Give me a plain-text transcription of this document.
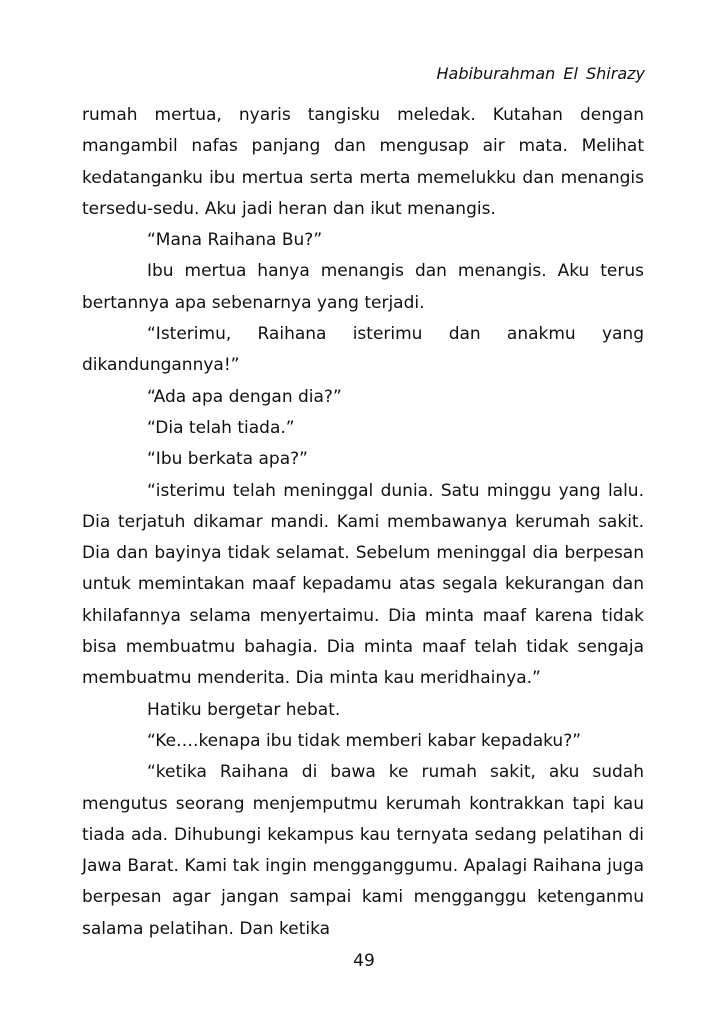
Habiburahman El Shirazy

rumah mertua, nyaris tangisku meledak. Kutahan dengan mangambil nafas panjang dan mengusap air mata. Melihat kedatanganku ibu mertua serta merta memelukku dan menangis tersedu-sedu. Aku jadi heran dan ikut menangis.

“Mana Raihana Bu?”

Ibu mertua hanya menangis dan menangis. Aku terus bertannya apa sebenarnya yang terjadi.

“Isterimu, Raihana isterimu dan anakmu yang dikandungannya!”

“Ada apa dengan dia?”

“Dia telah tiada.”

“Ibu berkata apa?”

“isterimu telah meninggal dunia. Satu minggu yang lalu. Dia terjatuh dikamar mandi. Kami membawanya kerumah sakit. Dia dan bayinya tidak selamat. Sebelum meninggal dia berpesan untuk memintakan maaf kepadamu atas segala kekurangan dan khilafannya selama menyertaimu. Dia minta maaf karena tidak bisa membuatmu bahagia. Dia minta maaf telah tidak sengaja membuatmu menderita. Dia minta kau meridhainya.”

Hatiku bergetar hebat.

“Ke….kenapa ibu tidak memberi kabar kepadaku?”

“ketika Raihana di bawa ke rumah sakit, aku sudah mengutus seorang menjemputmu kerumah kontrakkan tapi kau tiada ada. Dihubungi kekampus kau ternyata sedang pelatihan di Jawa Barat. Kami tak ingin mengganggumu. Apalagi Raihana juga berpesan agar jangan sampai kami mengganggu ketenganmu salama pelatihan. Dan ketika

49
